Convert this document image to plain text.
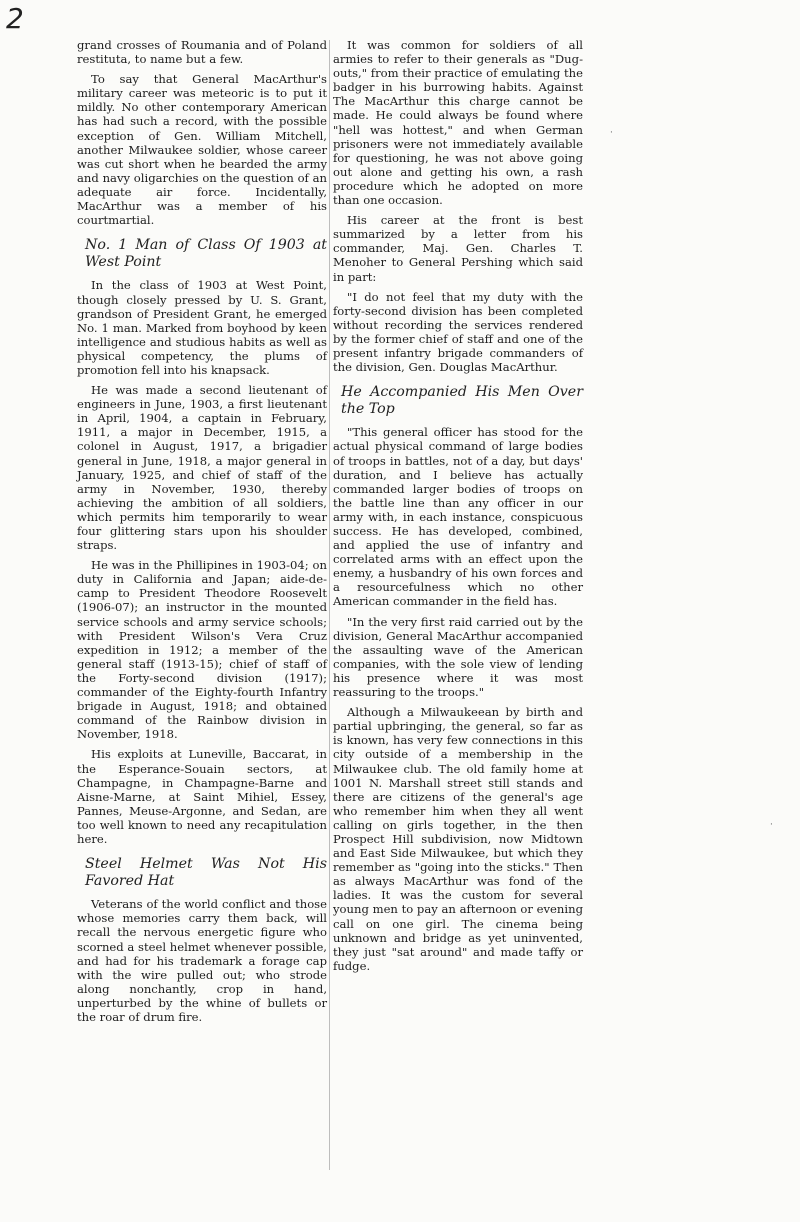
2

grand crosses of Roumania and of Poland restituta, to name but a few.

To say that General MacArthur's military career was meteoric is to put it mildly. No other contemporary American has had such a record, with the possible exception of Gen. William Mitchell, another Milwaukee soldier, whose career was cut short when he bearded the army and navy oligarchies on the question of an adequate air force. Incidentally, MacArthur was a member of his courtmartial.

No. 1 Man of Class Of 1903 at West Point

In the class of 1903 at West Point, though closely pressed by U. S. Grant, grandson of President Grant, he emerged No. 1 man. Marked from boyhood by keen intelligence and studious habits as well as physical competency, the plums of promotion fell into his knapsack.

He was made a second lieutenant of engineers in June, 1903, a first lieutenant in April, 1904, a captain in February, 1911, a major in December, 1915, a colonel in August, 1917, a brigadier general in June, 1918, a major general in January, 1925, and chief of staff of the army in November, 1930, thereby achieving the ambition of all soldiers, which permits him temporarily to wear four glittering stars upon his shoulder straps.

He was in the Phillipines in 1903-04; on duty in California and Japan; aide-de-camp to President Theodore Roosevelt (1906-07); an instructor in the mounted service schools and army service schools; with President Wilson's Vera Cruz expedition in 1912; a member of the general staff (1913-15); chief of staff of the Forty-second division (1917); commander of the Eighty-fourth Infantry brigade in August, 1918; and obtained command of the Rainbow division in November, 1918.

His exploits at Luneville, Baccarat, in the Esperance-Souain sectors, at Champagne, in Champagne-Barne and Aisne-Marne, at Saint Mihiel, Essey, Pannes, Meuse-Argonne, and Sedan, are too well known to need any recapitulation here.

Steel Helmet Was Not His Favored Hat

Veterans of the world conflict and those whose memories carry them back, will recall the nervous energetic figure who scorned a steel helmet whenever possible, and had for his trademark a forage cap with the wire pulled out; who strode along nonchantly, crop in hand, unperturbed by the whine of bullets or the roar of drum fire.

It was common for soldiers of all armies to refer to their generals as "Dug-outs," from their practice of emulating the badger in his burrowing habits. Against The MacArthur this charge cannot be made. He could always be found where "hell was hottest," and when German prisoners were not immediately available for questioning, he was not above going out alone and getting his own, a rash procedure which he adopted on more than one occasion.

His career at the front is best summarized by a letter from his commander, Maj. Gen. Charles T. Menoher to General Pershing which said in part:

"I do not feel that my duty with the forty-second division has been completed without recording the services rendered by the former chief of staff and one of the present infantry brigade commanders of the division, Gen. Douglas MacArthur.

He Accompanied His Men Over the Top

"This general officer has stood for the actual physical command of large bodies of troops in battles, not of a day, but days' duration, and I believe has actually commanded larger bodies of troops on the battle line than any officer in our army with, in each instance, conspicuous success. He has developed, combined, and applied the use of infantry and correlated arms with an effect upon the enemy, a husbandry of his own forces and a resourcefulness which no other American commander in the field has.

"In the very first raid carried out by the division, General MacArthur accompanied the assaulting wave of the American companies, with the sole view of lending his presence where it was most reassuring to the troops."

Although a Milwaukeean by birth and partial upbringing, the general, so far as is known, has very few connections in this city outside of a membership in the Milwaukee club. The old family home at 1001 N. Marshall street still stands and there are citizens of the general's age who remember him when they all went calling on girls together, in the then Prospect Hill subdivision, now Midtown and East Side Milwaukee, but which they remember as "going into the sticks." Then as always MacArthur was fond of the ladies. It was the custom for several young men to pay an afternoon or evening call on one girl. The cinema being unknown and bridge as yet uninvented, they just "sat around" and made taffy or fudge.

·
·
